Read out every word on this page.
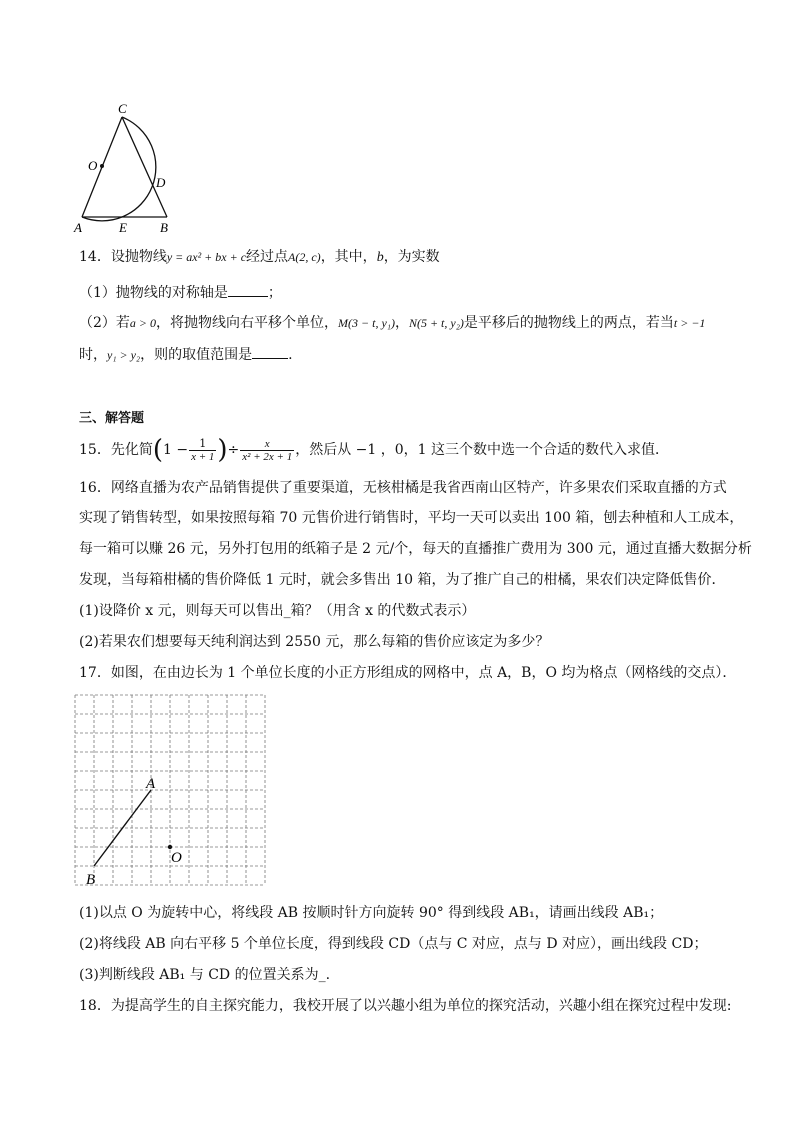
C
O
D
A	E	B
14．设抛物线y = ax² + bx + c经过点A(2, c)，其中，b，为实数
（1）抛物线的对称轴是	；
（2）若a > 0，将抛物线向右平移个单位，M(3 − t, y₁)，N(5 + t, y₂)是平移后的抛物线上的两点，若当t > −1
时，y₁ > y₂，则的取值范围是	.
三、解答题
15．先化简($1 - \frac{1}{x + 1}$ )÷ $\frac{x}{\text{x² + 2x + 1}}$ ，然后从 −1 ，0，1 这三个数中选一个合适的数代入求值．
16．网络直播为农产品销售提供了重要渠道，无核柑橘是我省西南山区特产，许多果农们采取直播的方式
实现了销售转型，如果按照每箱 70 元售价进行销售时，平均一天可以卖出 100 箱，刨去种植和人工成本，
每一箱可以赚 26 元，另外打包用的纸箱子是 2 元/个，每天的直播推广费用为 300 元，通过直播大数据分析
发现，当每箱柑橘的售价降低 1 元时，就会多售出 10 箱，为了推广自己的柑橘，果农们决定降低售价．
(1)设降价 x 元，则每天可以售出_箱？（用含 x 的代数式表示）
(2)若果农们想要每天纯利润达到 2550 元，那么每箱的售价应该定为多少？
17．如图，在由边长为 1 个单位长度的小正方形组成的网格中，点 A，B，O 均为格点（网格线的交点）．
A
B
O
(1)以点 O 为旋转中心，将线段 AB 按顺时针方向旋转 90° 得到线段 AB₁，请画出线段 AB₁；
(2)将线段 AB 向右平移 5 个单位长度，得到线段 CD（点与 C 对应，点与 D 对应），画出线段 CD；
(3)判断线段 AB₁ 与 CD 的位置关系为_.
18．为提高学生的自主探究能力，我校开展了以兴趣小组为单位的探究活动，兴趣小组在探究过程中发现:
